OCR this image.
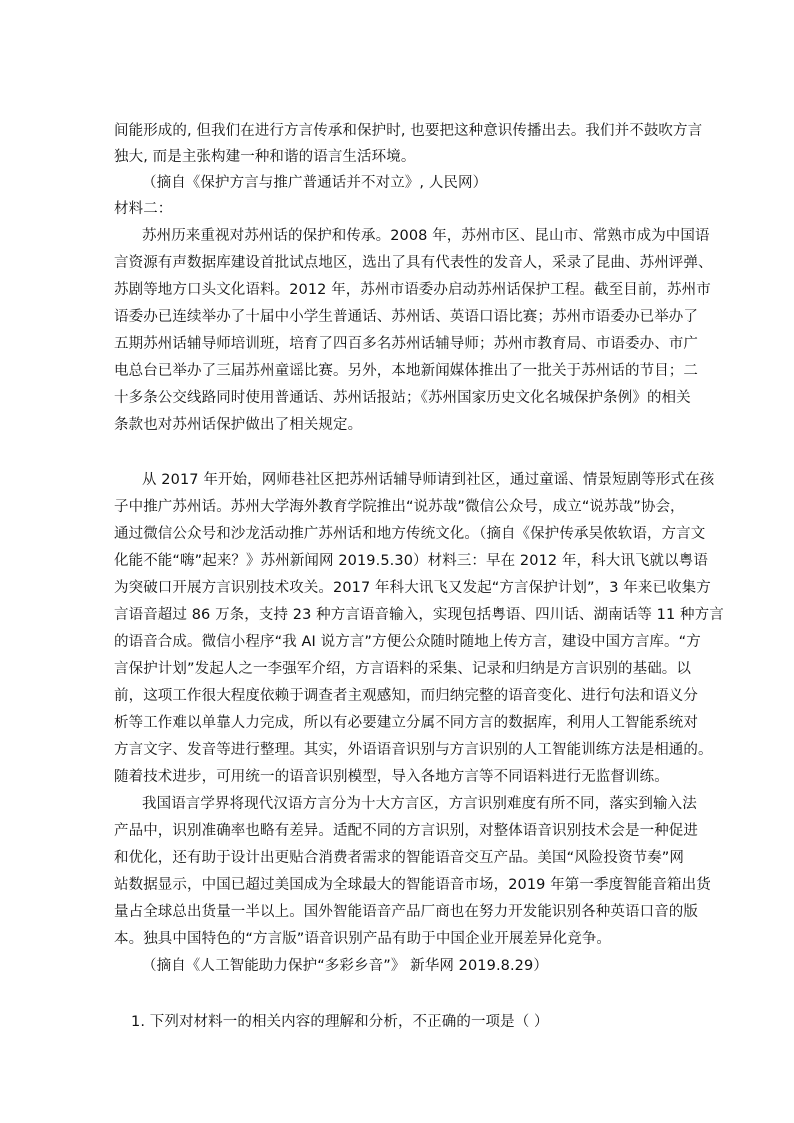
间能形成的, 但我们在进行方言传承和保护时, 也要把这种意识传播出去。我们并不鼓吹方言
独大, 而是主张构建一种和谐的语言生活环境。
（摘自《保护方言与推广普通话并不对立》, 人民网）
材料二：
苏州历来重视对苏州话的保护和传承。2008 年，苏州市区、昆山市、常熟市成为中国语
言资源有声数据库建设首批试点地区，选出了具有代表性的发音人，采录了昆曲、苏州评弹、
苏剧等地方口头文化语料。2012 年，苏州市语委办启动苏州话保护工程。截至目前，苏州市
语委办已连续举办了十届中小学生普通话、苏州话、英语口语比赛；苏州市语委办已举办了
五期苏州话辅导师培训班，培育了四百多名苏州话辅导师；苏州市教育局、市语委办、市广
电总台已举办了三届苏州童谣比赛。另外，本地新闻媒体推出了一批关于苏州话的节目；二
十多条公交线路同时使用普通话、苏州话报站；《苏州国家历史文化名城保护条例》的相关
条款也对苏州话保护做出了相关规定。
从 2017 年开始，网师巷社区把苏州话辅导师请到社区，通过童谣、情景短剧等形式在孩
子中推广苏州话。苏州大学海外教育学院推出“说苏哉”微信公众号，成立“说苏哉”协会，
通过微信公众号和沙龙活动推广苏州话和地方传统文化。（摘自《保护传承吴侬软语，方言文
化能不能“嗨”起来？》苏州新闻网 2019.5.30）材料三：早在 2012 年，科大讯飞就以粤语
为突破口开展方言识别技术攻关。2017 年科大讯飞又发起“方言保护计划”，3 年来已收集方
言语音超过 86 万条，支持 23 种方言语音输入，实现包括粤语、四川话、湖南话等 11 种方言
的语音合成。微信小程序“我 AI 说方言”方便公众随时随地上传方言，建设中国方言库。“方
言保护计划”发起人之一李强军介绍，方言语料的采集、记录和归纳是方言识别的基础。以
前，这项工作很大程度依赖于调查者主观感知，而归纳完整的语音变化、进行句法和语义分
析等工作难以单靠人力完成，所以有必要建立分属不同方言的数据库，利用人工智能系统对
方言文字、发音等进行整理。其实，外语语音识别与方言识别的人工智能训练方法是相通的。
随着技术进步，可用统一的语音识别模型，导入各地方言等不同语料进行无监督训练。
我国语言学界将现代汉语方言分为十大方言区，方言识别难度有所不同，落实到输入法
产品中，识别准确率也略有差异。适配不同的方言识别，对整体语音识别技术会是一种促进
和优化，还有助于设计出更贴合消费者需求的智能语音交互产品。美国“风险投资节奏”网
站数据显示，中国已超过美国成为全球最大的智能语音市场，2019 年第一季度智能音箱出货
量占全球总出货量一半以上。国外智能语音产品厂商也在努力开发能识别各种英语口音的版
本。独具中国特色的“方言版”语音识别产品有助于中国企业开展差异化竞争。
（摘自《人工智能助力保护“多彩乡音”》 新华网 2019.8.29）
1. 下列对材料一的相关内容的理解和分析，不正确的一项是（ ）
